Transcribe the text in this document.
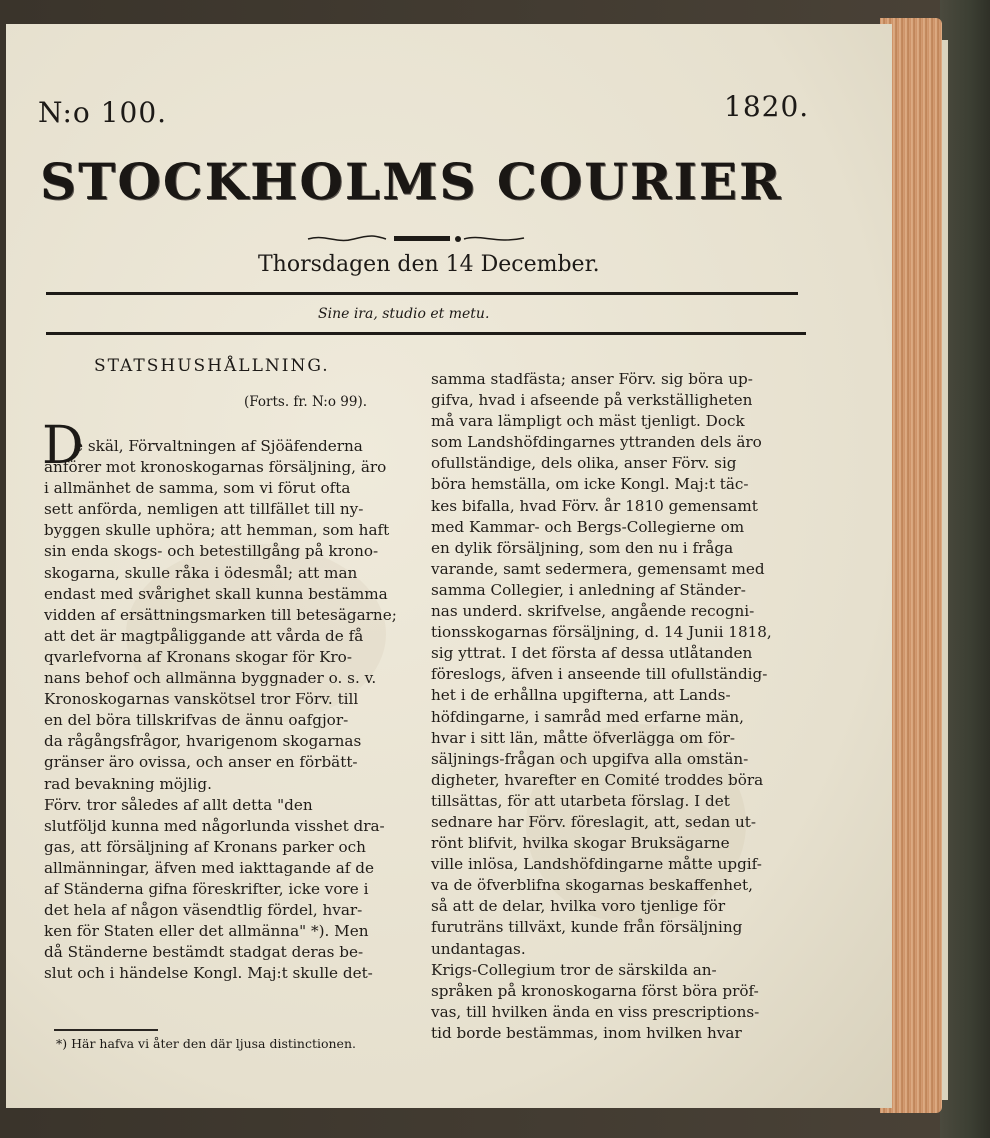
N:o 100.	1820.
STOCKHOLMS COURIER
Thorsdagen den 14 December.
Sine ira, studio et metu.
STATSHUSHÅLLNING.
(Forts. fr. N:o 99).
D
e skäl, Förvaltningen af Sjöäfenderna
anförer mot kronoskogarnas försäljning, äro
i allmänhet de samma, som vi förut ofta
sett anförda, nemligen att tillfället till ny-
byggen skulle uphöra; att hemman, som haft
sin enda skogs- och betestillgång på krono-
skogarna, skulle råka i ödesmål; att man
endast med svårighet skall kunna bestämma
vidden af ersättningsmarken till betesägarne;
att det är magtpåliggande att vårda de få
qvarlefvorna af Kronans skogar för Kro-
nans behof och allmänna byggnader o. s. v.
Kronoskogarnas vanskötsel tror Förv. till
en del böra tillskrifvas de ännu oafgjor-
da rågångsfrågor, hvarigenom skogarnas
gränser äro ovissa, och anser en förbätt-
rad bevakning möjlig.
Förv. tror således af allt detta "den
slutföljd kunna med någorlunda visshet dra-
gas, att försäljning af Kronans parker och
allmänningar, äfven med iakttagande af de
af Ständerna gifna föreskrifter, icke vore i
det hela af någon väsendtlig fördel, hvar-
ken för Staten eller det allmänna" *). Men
då Ständerne bestämdt stadgat deras be-
slut och i händelse Kongl. Maj:t skulle det-
samma stadfästa; anser Förv. sig böra up-
gifva, hvad i afseende på verkställigheten
må vara lämpligt och mäst tjenligt. Dock
som Landshöfdingarnes yttranden dels äro
ofullständige, dels olika, anser Förv. sig
böra hemställa, om icke Kongl. Maj:t täc-
kes bifalla, hvad Förv. år 1810 gemensamt
med Kammar- och Bergs-Collegierne om
en dylik försäljning, som den nu i fråga
varande, samt sedermera, gemensamt med
samma Collegier, i anledning af Ständer-
nas underd. skrifvelse, angående recogni-
tionsskogarnas försäljning, d. 14 Junii 1818,
sig yttrat. I det första af dessa utlåtanden
föreslogs, äfven i anseende till ofullständig-
het i de erhållna upgifterna, att Lands-
höfdingarne, i samråd med erfarne män,
hvar i sitt län, måtte öfverlägga om för-
säljnings-frågan och upgifva alla omstän-
digheter, hvarefter en Comité troddes böra
tillsättas, för att utarbeta förslag. I det
sednare har Förv. föreslagit, att, sedan ut-
rönt blifvit, hvilka skogar Bruksägarne
ville inlösa, Landshöfdingarne måtte upgif-
va de öfverblifna skogarnas beskaffenhet,
så att de delar, hvilka voro tjenlige för
furuträns tillväxt, kunde från försäljning
undantagas.
Krigs-Collegium tror de särskilda an-
språken på kronoskogarna först böra pröf-
vas, till hvilken ända en viss prescriptions-
tid borde bestämmas, inom hvilken hvar
*) Här hafva vi åter den där ljusa distinctionen.
